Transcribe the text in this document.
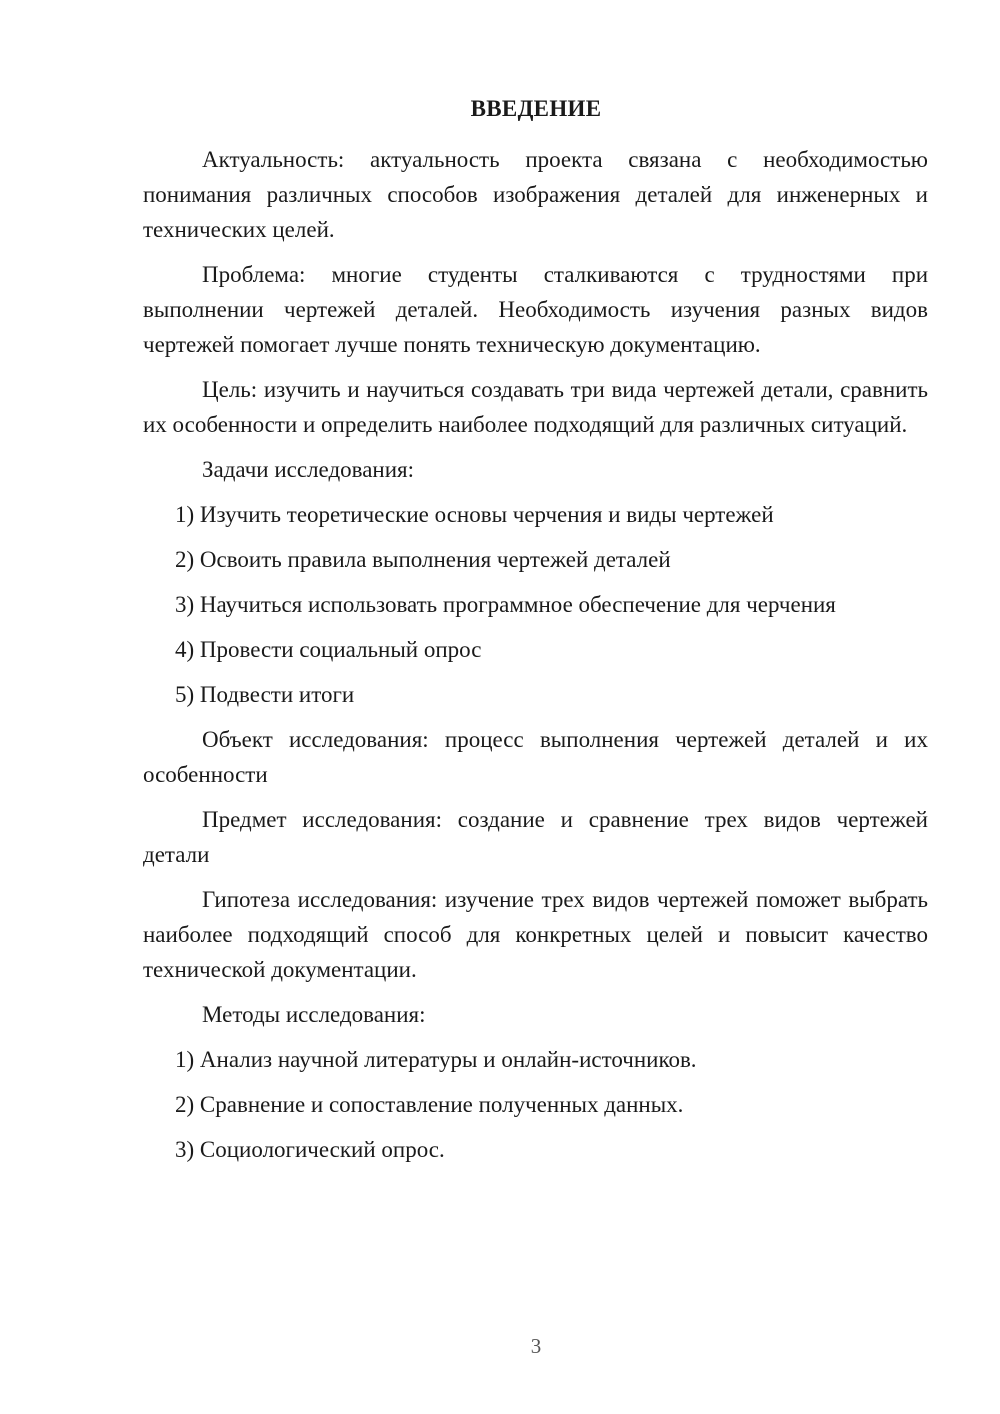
ВВЕДЕНИЕ

Актуальность: актуальность проекта связана с необходимостью понимания различных способов изображения деталей для инженерных и технических целей.

Проблема: многие студенты сталкиваются с трудностями при выполнении чертежей деталей. Необходимость изучения разных видов чертежей помогает лучше понять техническую документацию.

Цель: изучить и научиться создавать три вида чертежей детали, сравнить их особенности и определить наиболее подходящий для различных ситуаций.

Задачи исследования:

1) Изучить теоретические основы черчения и виды чертежей

2) Освоить правила выполнения чертежей деталей

3) Научиться использовать программное обеспечение для черчения

4) Провести социальный опрос

5) Подвести итоги

Объект исследования: процесс выполнения чертежей деталей и их особенности

Предмет исследования: создание и сравнение трех видов чертежей детали

Гипотеза исследования: изучение трех видов чертежей поможет выбрать наиболее подходящий способ для конкретных целей и повысит качество технической документации.

Методы исследования:

1) Анализ научной литературы и онлайн-источников.

2) Сравнение и сопоставление полученных данных.

3) Социологический опрос.

3
